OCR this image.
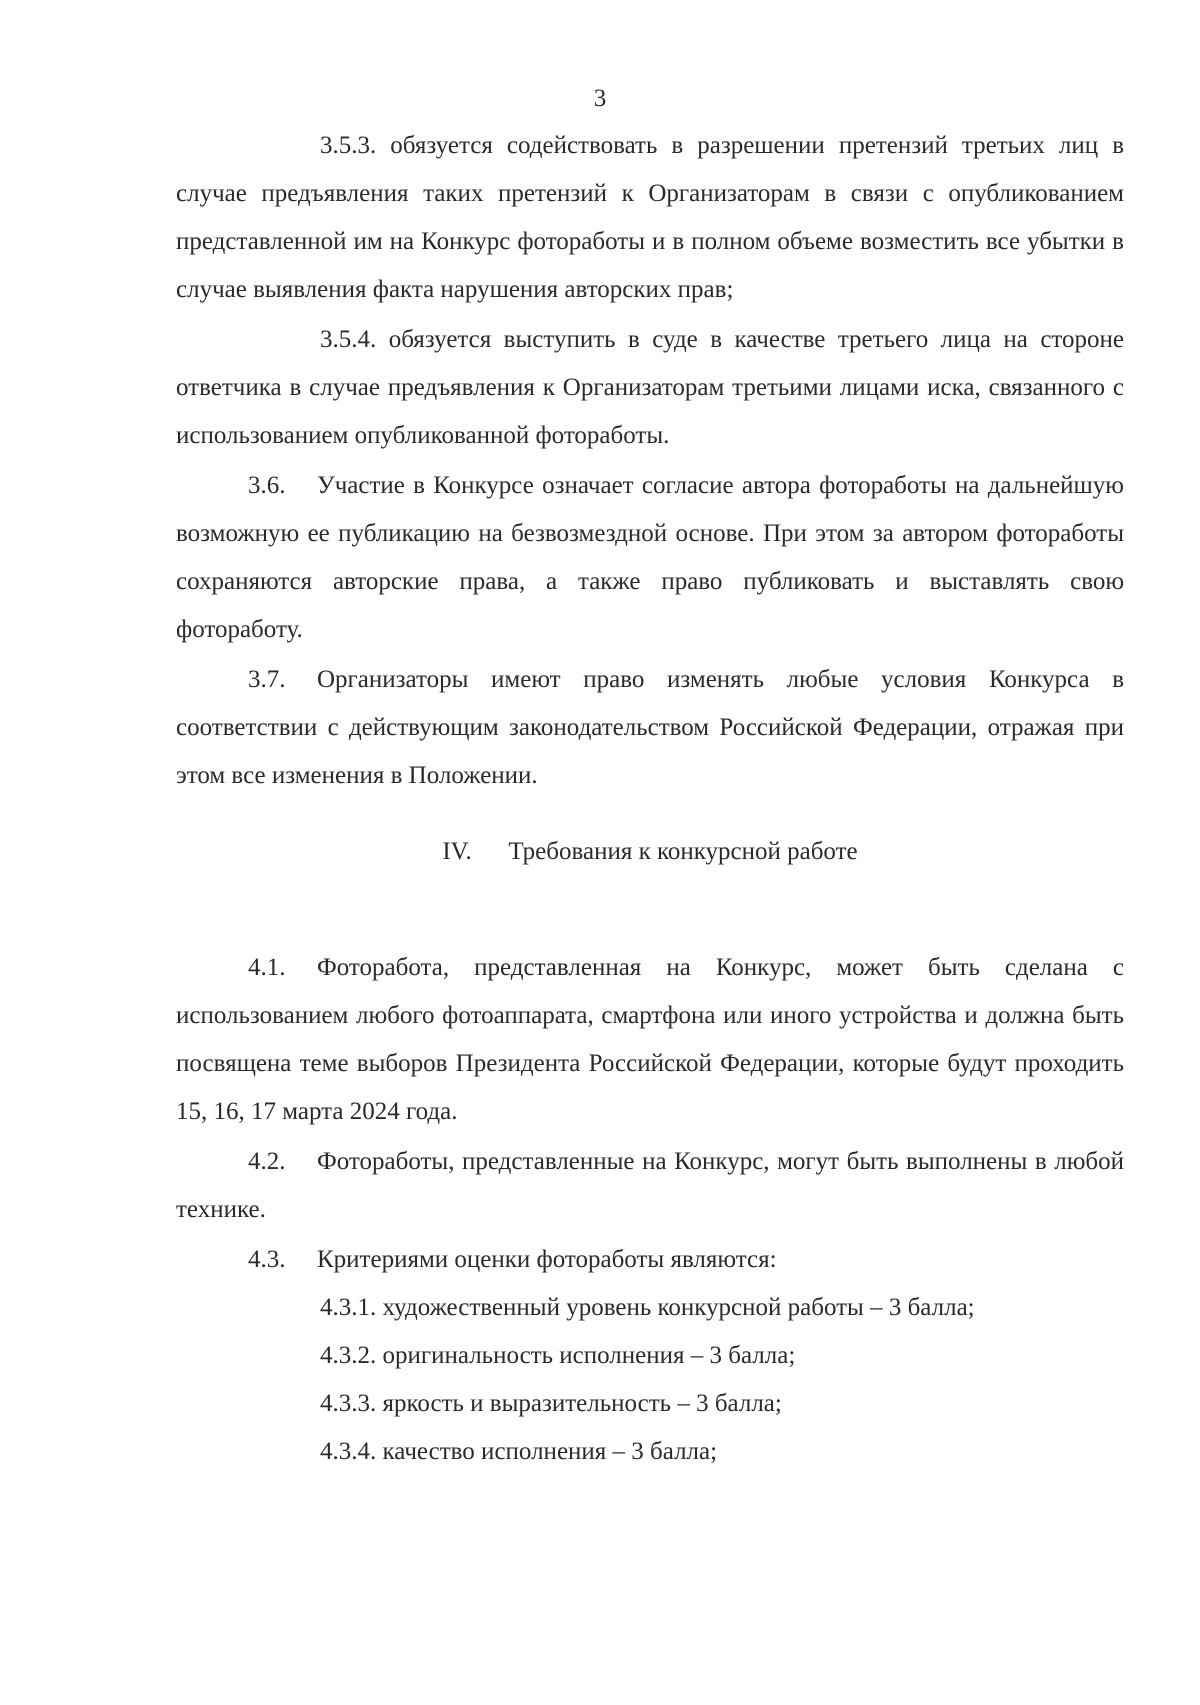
3

3.5.3. обязуется содействовать в разрешении претензий третьих лиц в случае предъявления таких претензий к Организаторам в связи с опубликованием представленной им на Конкурс фотоработы и в полном объеме возместить все убытки в случае выявления факта нарушения авторских прав;

3.5.4. обязуется выступить в суде в качестве третьего лица на стороне ответчика в случае предъявления к Организаторам третьими лицами иска, связанного с использованием опубликованной фотоработы.

3.6. Участие в Конкурсе означает согласие автора фотоработы на дальнейшую возможную ее публикацию на безвозмездной основе. При этом за автором фотоработы сохраняются авторские права, а также право публиковать и выставлять свою фотоработу.

3.7. Организаторы имеют право изменять любые условия Конкурса в соответствии с действующим законодательством Российской Федерации, отражая при этом все изменения в Положении.

IV. Требования к конкурсной работе

4.1. Фоторабота, представленная на Конкурс, может быть сделана с использованием любого фотоаппарата, смартфона или иного устройства и должна быть посвящена теме выборов Президента Российской Федерации, которые будут проходить 15, 16, 17 марта 2024 года.

4.2. Фотоработы, представленные на Конкурс, могут быть выполнены в любой технике.

4.3. Критериями оценки фотоработы являются:

4.3.1. художественный уровень конкурсной работы – 3 балла;

4.3.2. оригинальность исполнения – 3 балла;

4.3.3. яркость и выразительность – 3 балла;

4.3.4. качество исполнения – 3 балла;
